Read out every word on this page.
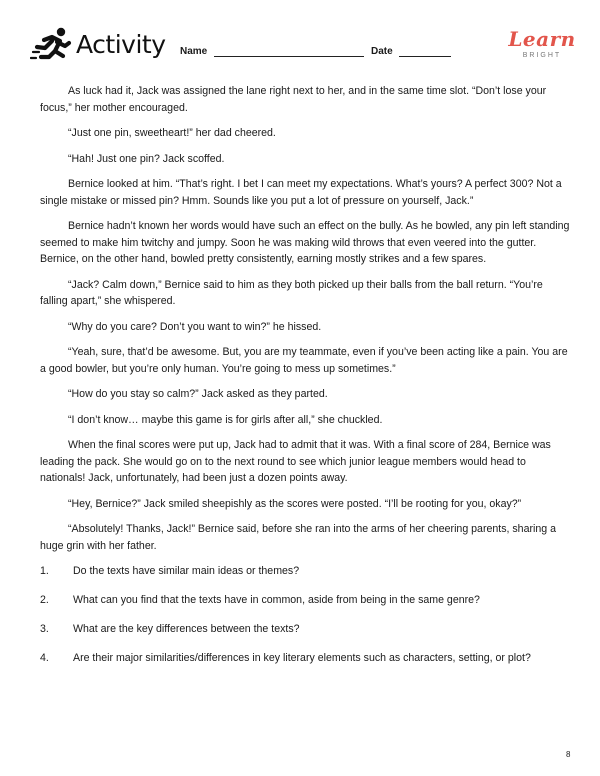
Activity Name	Date
Learn
BRIGHT

As luck had it, Jack was assigned the lane right next to her, and in the same time slot. “Don’t lose your focus,” her mother encouraged.

“Just one pin, sweetheart!” her dad cheered.

“Hah! Just one pin? Jack scoffed.

Bernice looked at him. “That’s right. I bet I can meet my expectations. What’s yours? A perfect 300? Not a single mistake or missed pin? Hmm. Sounds like you put a lot of pressure on yourself, Jack.”

Bernice hadn’t known her words would have such an effect on the bully. As he bowled, any pin left standing seemed to make him twitchy and jumpy. Soon he was making wild throws that even veered into the gutter. Bernice, on the other hand, bowled pretty consistently, earning mostly strikes and a few spares.

“Jack? Calm down,” Bernice said to him as they both picked up their balls from the ball return. “You’re falling apart,” she whispered.

“Why do you care? Don’t you want to win?” he hissed.

“Yeah, sure, that’d be awesome. But, you are my teammate, even if you’ve been acting like a pain. You are a good bowler, but you’re only human. You’re going to mess up sometimes.”

“How do you stay so calm?” Jack asked as they parted.

“I don’t know… maybe this game is for girls after all,” she chuckled.

When the final scores were put up, Jack had to admit that it was. With a final score of 284, Bernice was leading the pack. She would go on to the next round to see which junior league members would head to nationals! Jack, unfortunately, had been just a dozen points away.

“Hey, Bernice?” Jack smiled sheepishly as the scores were posted. “I’ll be rooting for you, okay?”

“Absolutely! Thanks, Jack!” Bernice said, before she ran into the arms of her cheering parents, sharing a huge grin with her father.

1.	Do the texts have similar main ideas or themes?
2.	What can you find that the texts have in common, aside from being in the same genre?
3.	What are the key differences between the texts?
4.	Are their major similarities/differences in key literary elements such as characters, setting, or plot?
8
